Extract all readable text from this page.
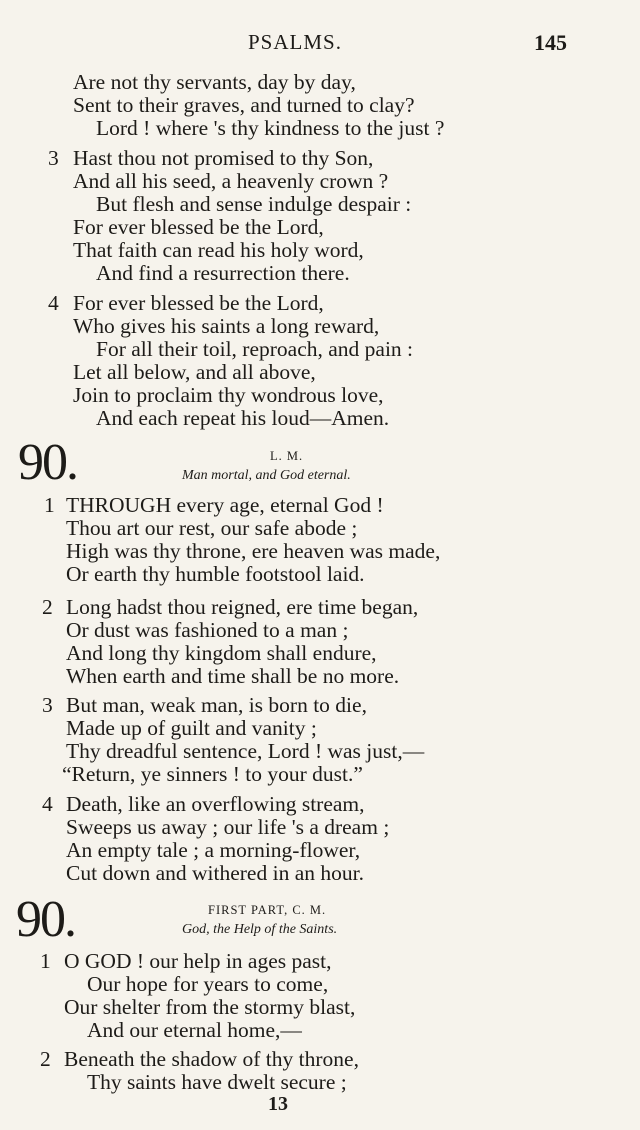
PSALMS.	145
Are not thy servants, day by day,
Sent to their graves, and turned to clay?
Lord ! where 's thy kindness to the just ?
3 Hast thou not promised to thy Son,
And all his seed, a heavenly crown ?
But flesh and sense indulge despair :
For ever blessed be the Lord,
That faith can read his holy word,
And find a resurrection there.
4 For ever blessed be the Lord,
Who gives his saints a long reward,
For all their toil, reproach, and pain :
Let all below, and all above,
Join to proclaim thy wondrous love,
And each repeat his loud—Amen.
90.	L. M.
Man mortal, and God eternal.
1 THROUGH every age, eternal God !
Thou art our rest, our safe abode ;
High was thy throne, ere heaven was made,
Or earth thy humble footstool laid.
2 Long hadst thou reigned, ere time began,
Or dust was fashioned to a man ;
And long thy kingdom shall endure,
When earth and time shall be no more.
3 But man, weak man, is born to die,
Made up of guilt and vanity ;
Thy dreadful sentence, Lord ! was just,—
“Return, ye sinners ! to your dust.”
4 Death, like an overflowing stream,
Sweeps us away ; our life 's a dream ;
An empty tale ; a morning-flower,
Cut down and withered in an hour.
90.	FIRST PART, C. M.
God, the Help of the Saints.
1 O GOD ! our help in ages past,
Our hope for years to come,
Our shelter from the stormy blast,
And our eternal home,—
2 Beneath the shadow of thy throne,
Thy saints have dwelt secure ;
13
